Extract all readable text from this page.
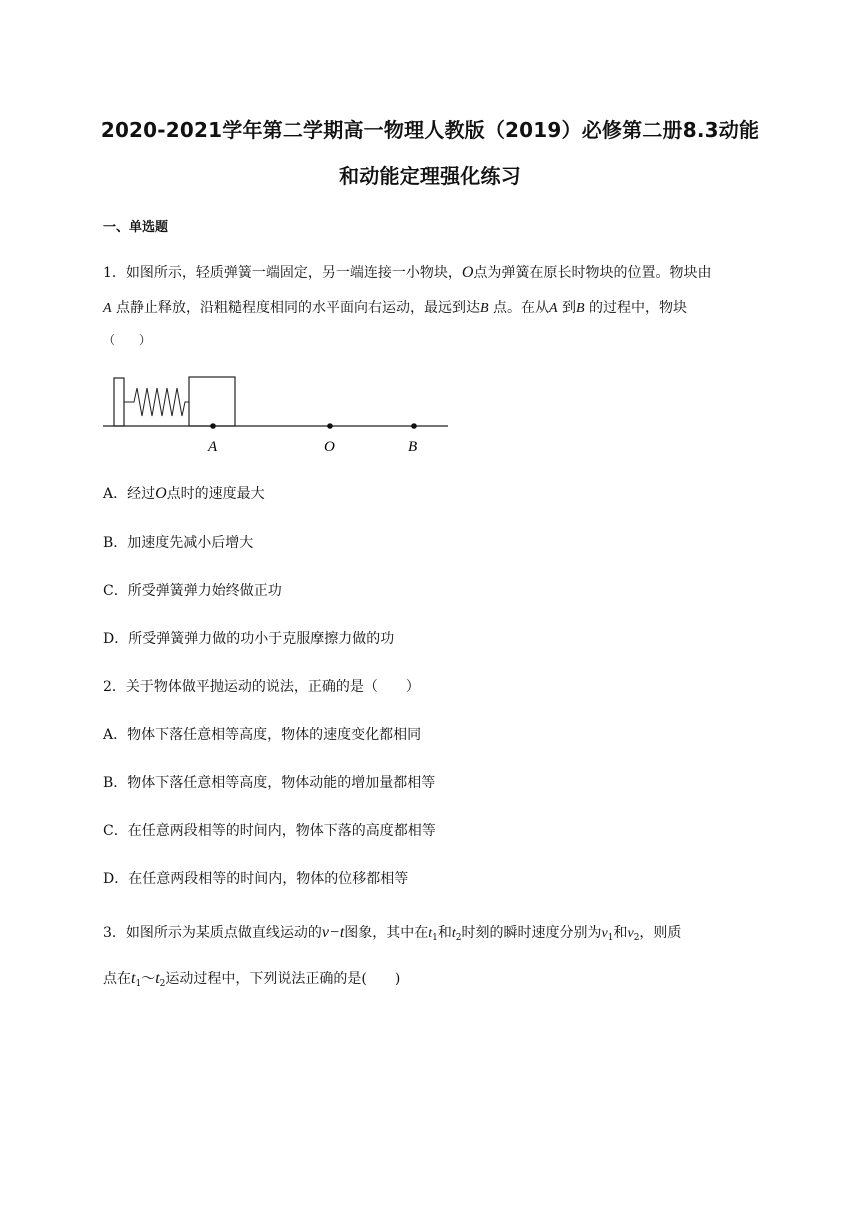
2020-2021学年第二学期高一物理人教版（2019）必修第二册8.3动能
和动能定理强化练习
一、单选题
1．如图所示，轻质弹簧一端固定，另一端连接一小物块，O点为弹簧在原长时物块的位置。物块由
A 点静止释放，沿粗糙程度相同的水平面向右运动，最远到达B 点。在从A 到B 的过程中，物块
（　　）
A	O	B
A．经过O点时的速度最大
B．加速度先减小后增大
C．所受弹簧弹力始终做正功
D．所受弹簧弹力做的功小于克服摩擦力做的功
2．关于物体做平抛运动的说法，正确的是（　　）
A．物体下落任意相等高度，物体的速度变化都相同
B．物体下落任意相等高度，物体动能的增加量都相等
C．在任意两段相等的时间内，物体下落的高度都相等
D．在任意两段相等的时间内，物体的位移都相等
3．如图所示为某质点做直线运动的v−t图象，其中在$t_1$和$t_2$时刻的瞬时速度分别为$v_1$和$v_2$，则质
点在$t_1\sim t_2$运动过程中，下列说法正确的是(　　)
